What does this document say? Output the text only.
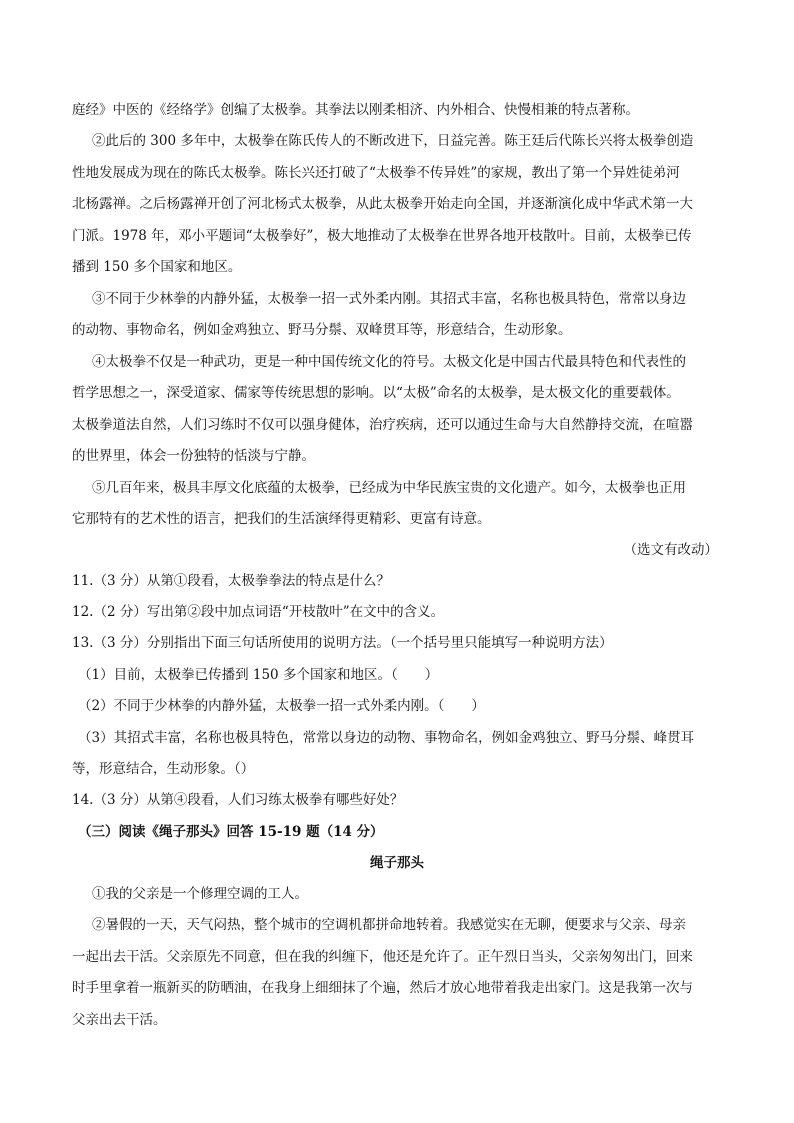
庭经》中医的《经络学》创编了太极拳。其拳法以刚柔相济、内外相合、快慢相兼的特点著称。
②此后的 300 多年中，太极拳在陈氏传人的不断改进下，日益完善。陈王廷后代陈长兴将太极拳创造
性地发展成为现在的陈氏太极拳。陈长兴还打破了“太极拳不传异姓”的家规，教出了第一个异姓徒弟河
北杨露禅。之后杨露禅开创了河北杨式太极拳，从此太极拳开始走向全国，并逐渐演化成中华武术第一大
门派。1978 年，邓小平题词“太极拳好”，极大地推动了太极拳在世界各地开枝散叶。目前，太极拳已传
播到 150 多个国家和地区。
③不同于少林拳的内静外猛，太极拳一招一式外柔内刚。其招式丰富，名称也极具特色，常常以身边
的动物、事物命名，例如金鸡独立、野马分鬃、双峰贯耳等，形意结合，生动形象。
④太极拳不仅是一种武功，更是一种中国传统文化的符号。太极文化是中国古代最具特色和代表性的
哲学思想之一，深受道家、儒家等传统思想的影响。以“太极”命名的太极拳，是太极文化的重要载体。
太极拳道法自然，人们习练时不仅可以强身健体，治疗疾病，还可以通过生命与大自然静持交流，在喧嚣
的世界里，体会一份独特的恬淡与宁静。
⑤几百年来，极具丰厚文化底蕴的太极拳，已经成为中华民族宝贵的文化遗产。如今，太极拳也正用
它那特有的艺术性的语言，把我们的生活演绎得更精彩、更富有诗意。
（选文有改动）
11.（3 分）从第①段看，太极拳拳法的特点是什么？
12.（2 分）写出第②段中加点词语“开枝散叶”在文中的含义。
13.（3 分）分别指出下面三句话所使用的说明方法。（一个括号里只能填写一种说明方法）
（1）目前，太极拳已传播到 150 多个国家和地区。（　　）
（2）不同于少林拳的内静外猛，太极拳一招一式外柔内刚。（　　）
（3）其招式丰富，名称也极具特色，常常以身边的动物、事物命名，例如金鸡独立、野马分鬃、峰贯耳
等，形意结合，生动形象。（）
14.（3 分）从第④段看，人们习练太极拳有哪些好处？
（三）阅读《绳子那头》回答 15-19 题（14 分）
绳子那头
①我的父亲是一个修理空调的工人。
②暑假的一天，天气闷热，整个城市的空调机都拼命地转着。我感觉实在无聊，便要求与父亲、母亲
一起出去干活。父亲原先不同意，但在我的纠缠下，他还是允许了。正午烈日当头，父亲匆匆出门，回来
时手里拿着一瓶新买的防晒油，在我身上细细抹了个遍，然后才放心地带着我走出家门。这是我第一次与
父亲出去干活。
